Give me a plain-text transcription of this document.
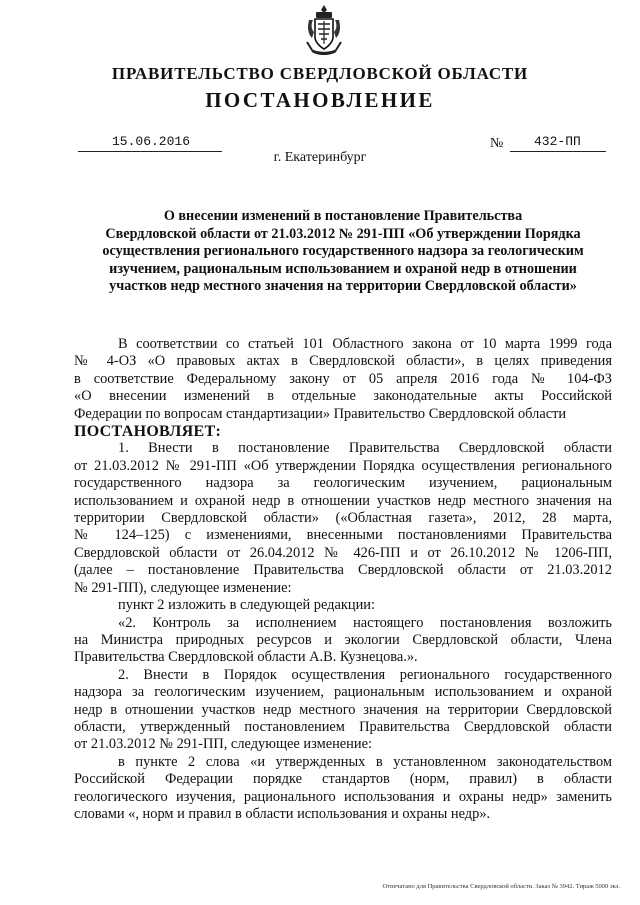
ПРАВИТЕЛЬСТВО СВЕРДЛОВСКОЙ ОБЛАСТИ
ПОСТАНОВЛЕНИЕ
15.06.2016	№	432-ПП
г. Екатеринбург
О внесении изменений в постановление Правительства
Свердловской области от 21.03.2012 № 291-ПП «Об утверждении Порядка
осуществления регионального государственного надзора за геологическим
изучением, рациональным использованием и охраной недр в отношении
участков недр местного значения на территории Свердловской области»

В соответствии со статьей 101 Областного закона от 10 марта 1999 года

№ 4-ОЗ «О правовых актах в Свердловской области», в целях приведения

в соответствие Федеральному закону от 05 апреля 2016 года № 104-ФЗ

«О внесении изменений в отдельные законодательные акты Российской

Федерации по вопросам стандартизации» Правительство Свердловской области

ПОСТАНОВЛЯЕТ:

1. Внести в постановление Правительства Свердловской области

от 21.03.2012 № 291-ПП «Об утверждении Порядка осуществления регионального

государственного надзора за геологическим изучением, рациональным

использованием и охраной недр в отношении участков недр местного значения на

территории Свердловской области» («Областная газета», 2012, 28 марта,

№ 124–125) с изменениями, внесенными постановлениями Правительства

Свердловской области от 26.04.2012 № 426-ПП и от 26.10.2012 № 1206-ПП,

(далее – постановление Правительства Свердловской области от 21.03.2012

№ 291-ПП), следующее изменение:

пункт 2 изложить в следующей редакции:

«2. Контроль за исполнением настоящего постановления возложить

на Министра природных ресурсов и экологии Свердловской области, Члена

Правительства Свердловской области А.В. Кузнецова.».

2. Внести в Порядок осуществления регионального государственного

надзора за геологическим изучением, рациональным использованием и охраной

недр в отношении участков недр местного значения на территории Свердловской

области, утвержденный постановлением Правительства Свердловской области

от 21.03.2012 № 291-ПП, следующее изменение:

в пункте 2 слова «и утвержденных в установленном законодательством

Российской Федерации порядке стандартов (норм, правил) в области

геологического изучения, рационального использования и охраны недр» заменить

словами «, норм и правил в области использования и охраны недр».

Отпечатано для Правительства Свердловской области. Заказ № 3942. Тираж 5000 экз.
